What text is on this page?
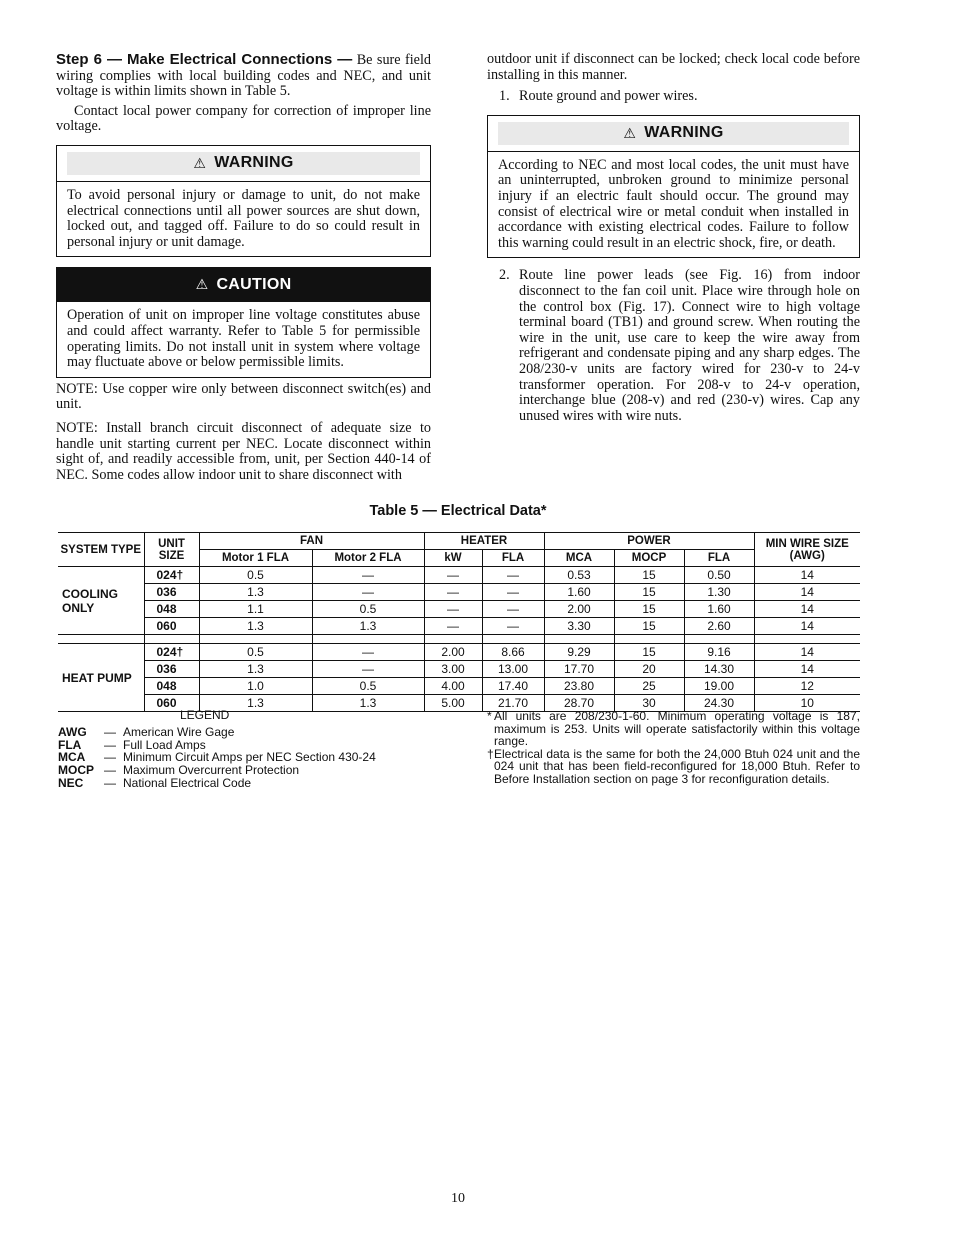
Step 6 — Make Electrical Connections — Be sure field wiring complies with local building codes and NEC, and unit voltage is within limits shown in Table 5.

Contact local power company for correction of improper line voltage.

⚠ WARNING
To avoid personal injury or damage to unit, do not make electrical connections until all power sources are shut down, locked out, and tagged off. Failure to do so could result in personal injury or unit damage.
⚠ CAUTION
Operation of unit on improper line voltage constitutes abuse and could affect warranty. Refer to Table 5 for permissible operating limits. Do not install unit in system where voltage may fluctuate above or below permissible limits.

NOTE: Use copper wire only between disconnect switch(es) and unit.

NOTE: Install branch circuit disconnect of adequate size to handle unit starting current per NEC. Locate disconnect within sight of, and readily accessible from, unit, per Section 440-14 of NEC. Some codes allow indoor unit to share disconnect with

outdoor unit if disconnect can be locked; check local code before installing in this manner.

1. Route ground and power wires.
⚠ WARNING
According to NEC and most local codes, the unit must have an uninterrupted, unbroken ground to minimize personal injury if an electric fault should occur. The ground may consist of electrical wire or metal conduit when installed in accordance with existing electrical codes. Failure to follow this warning could result in an electric shock, fire, or death.
2. Route line power leads (see Fig. 16) from indoor disconnect to the fan coil unit. Place wire through hole on the control box (Fig. 17). Connect wire to high voltage terminal board (TB1) and ground screw. When routing the wire in the unit, use care to keep the wire away from refrigerant and condensate piping and any sharp edges. The 208/230-v units are factory wired for 230-v to 24-v transformer operation. For 208-v to 24-v operation, interchange blue (208-v) and red (230-v) wires. Cap any unused wires with wire nuts.
Table 5 — Electrical Data*
SYSTEM TYPE	UNIT SIZE	FAN		HEATER		POWER			MIN WIRE SIZE (AWG)
		Motor 1 FLA	Motor 2 FLA	kW	FLA	MCA	MOCP	FLA	
COOLING ONLY	024†	0.5	—	—	—	0.53	15	0.50	14
	036	1.3	—	—	—	1.60	15	1.30	14
	048	1.1	0.5	—	—	2.00	15	1.60	14
	060	1.3	1.3	—	—	3.30	15	2.60	14

HEAT PUMP	024†	0.5	—	2.00	8.66	9.29	15	9.16	14
	036	1.3	—	3.00	13.00	17.70	20	14.30	14
	048	1.0	0.5	4.00	17.40	23.80	25	19.00	12
	060	1.3	1.3	5.00	21.70	28.70	30	24.30	10
LEGEND
AWG	— American Wire Gage
FLA	— Full Load Amps
MCA	— Minimum Circuit Amps per NEC Section 430-24
MOCP — Maximum Overcurrent Protection
NEC	— National Electrical Code
* All units are 208/230-1-60. Minimum operating voltage is 187, maximum is 253. Units will operate satisfactorily within this voltage range.
† Electrical data is the same for both the 24,000 Btuh 024 unit and the 024 unit that has been field-reconfigured for 18,000 Btuh. Refer to Before Installation section on page 3 for reconfiguration details.
10
